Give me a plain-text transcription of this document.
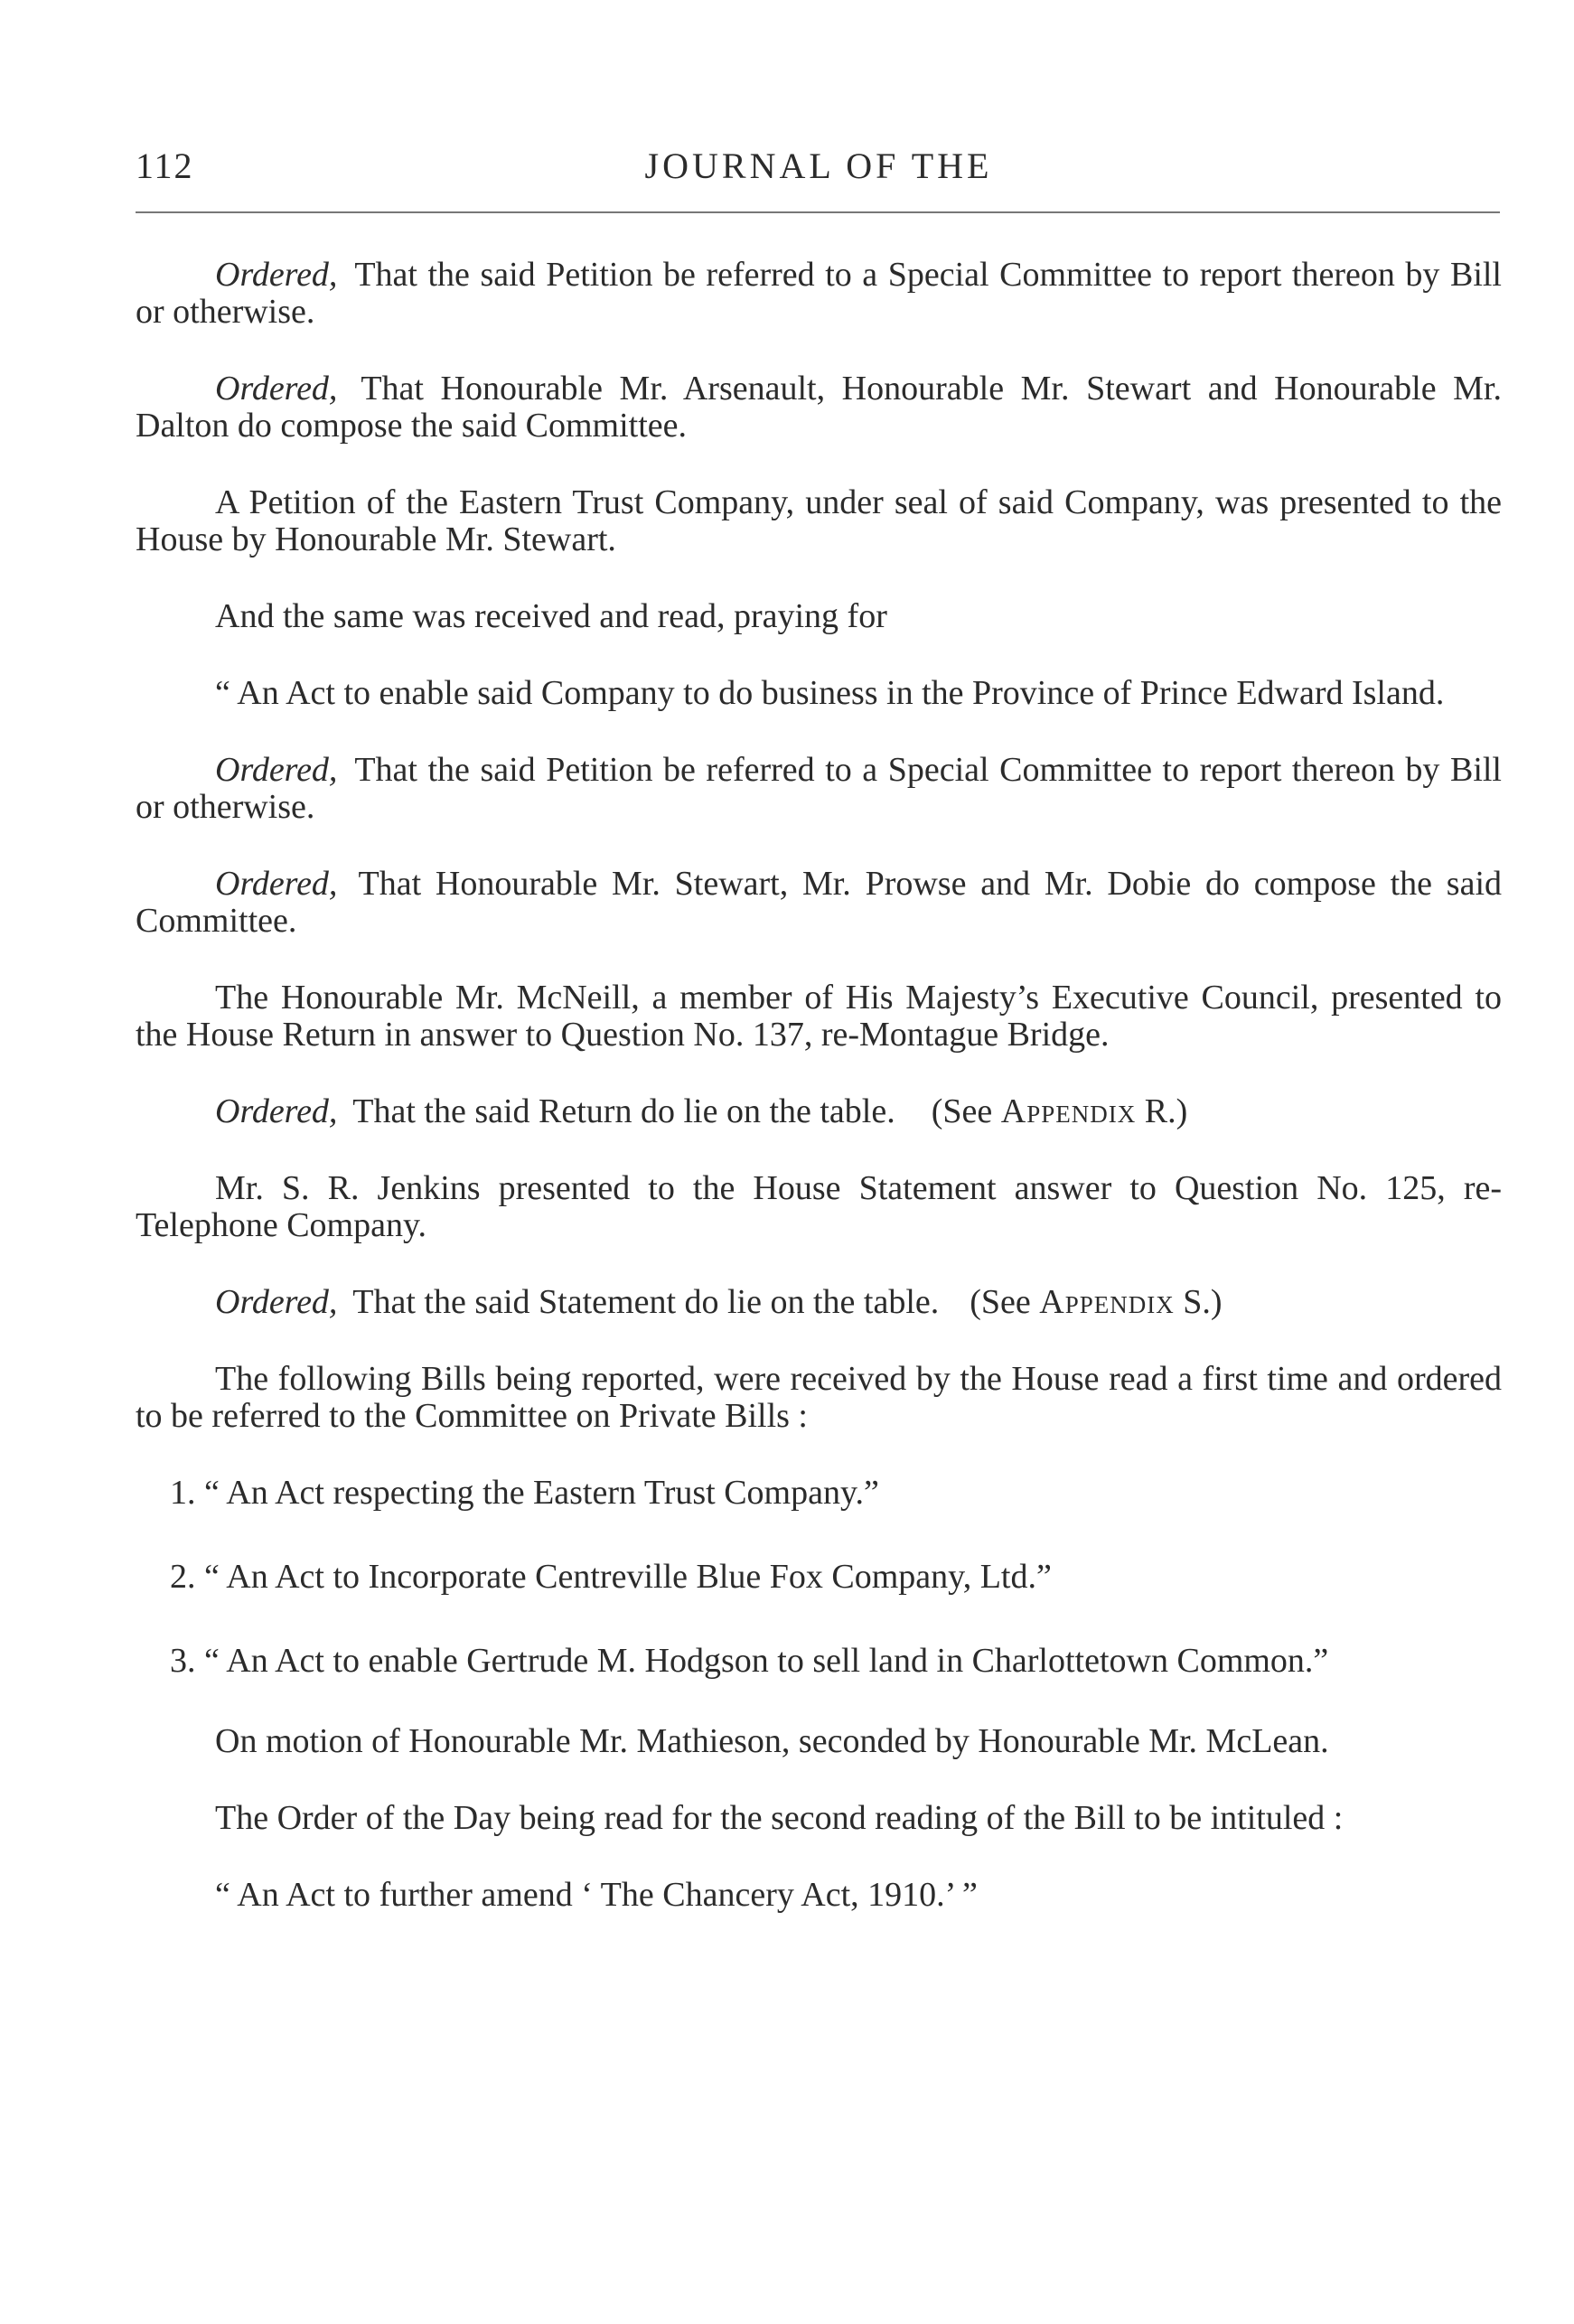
112	JOURNAL OF THE

Ordered, That the said Petition be referred to a Special Committee to report thereon by Bill or otherwise.

Ordered, That Honourable Mr. Arsenault, Honourable Mr. Stewart and Honourable Mr. Dalton do compose the said Committee.

A Petition of the Eastern Trust Company, under seal of said Company, was presented to the House by Honourable Mr. Stewart.

And the same was received and read, praying for

“ An Act to enable said Company to do business in the Province of Prince Edward Island.

Ordered, That the said Petition be referred to a Special Committee to report thereon by Bill or otherwise.

Ordered, That Honourable Mr. Stewart, Mr. Prowse and Mr. Dobie do compose the said Committee.

The Honourable Mr. McNeill, a member of His Majesty’s Executive Council, presented to the House Return in answer to Question No. 137, re-Montague Bridge.

Ordered, That the said Return do lie on the table. (See Appendix R.)

Mr. S. R. Jenkins presented to the House Statement answer to Question No. 125, re-Telephone Company.

Ordered, That the said Statement do lie on the table. (See Appendix S.)

The following Bills being reported, were received by the House read a first time and ordered to be referred to the Committee on Private Bills :

1. “ An Act respecting the Eastern Trust Company.”

2. “ An Act to Incorporate Centreville Blue Fox Company, Ltd.”

3. “ An Act to enable Gertrude M. Hodgson to sell land in Charlottetown Common.”

On motion of Honourable Mr. Mathieson, seconded by Honourable Mr. McLean.

The Order of the Day being read for the second reading of the Bill to be intituled :

“ An Act to further amend ‘ The Chancery Act, 1910.’ ”
